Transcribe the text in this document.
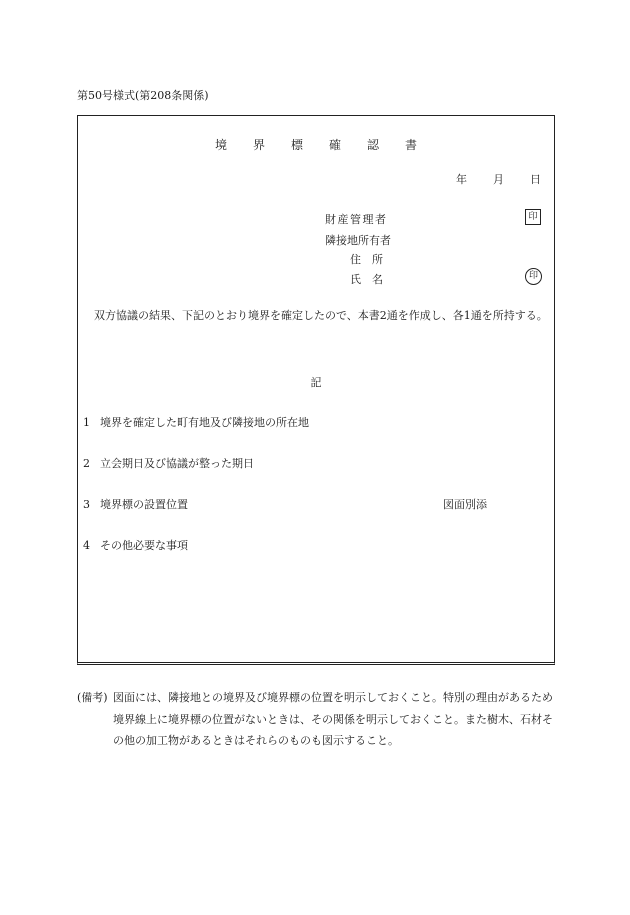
第50号様式(第208条関係)
境界標確認書
年 月 日
財産管理者	印
隣接地所有者
住　所
氏　名	印
双方協議の結果、下記のとおり境界を確定したので、本書2通を作成し、各1通を所持する。
記
1 境界を確定した町有地及び隣接地の所在地
2 立会期日及び協議が整った期日
3 境界標の設置位置	図面別添
4 その他必要な事項
(備考) 図面には、隣接地との境界及び境界標の位置を明示しておくこと。特別の理由があるため境界線上に境界標の位置がないときは、その関係を明示しておくこと。また樹木、石材その他の加工物があるときはそれらのものも図示すること。
